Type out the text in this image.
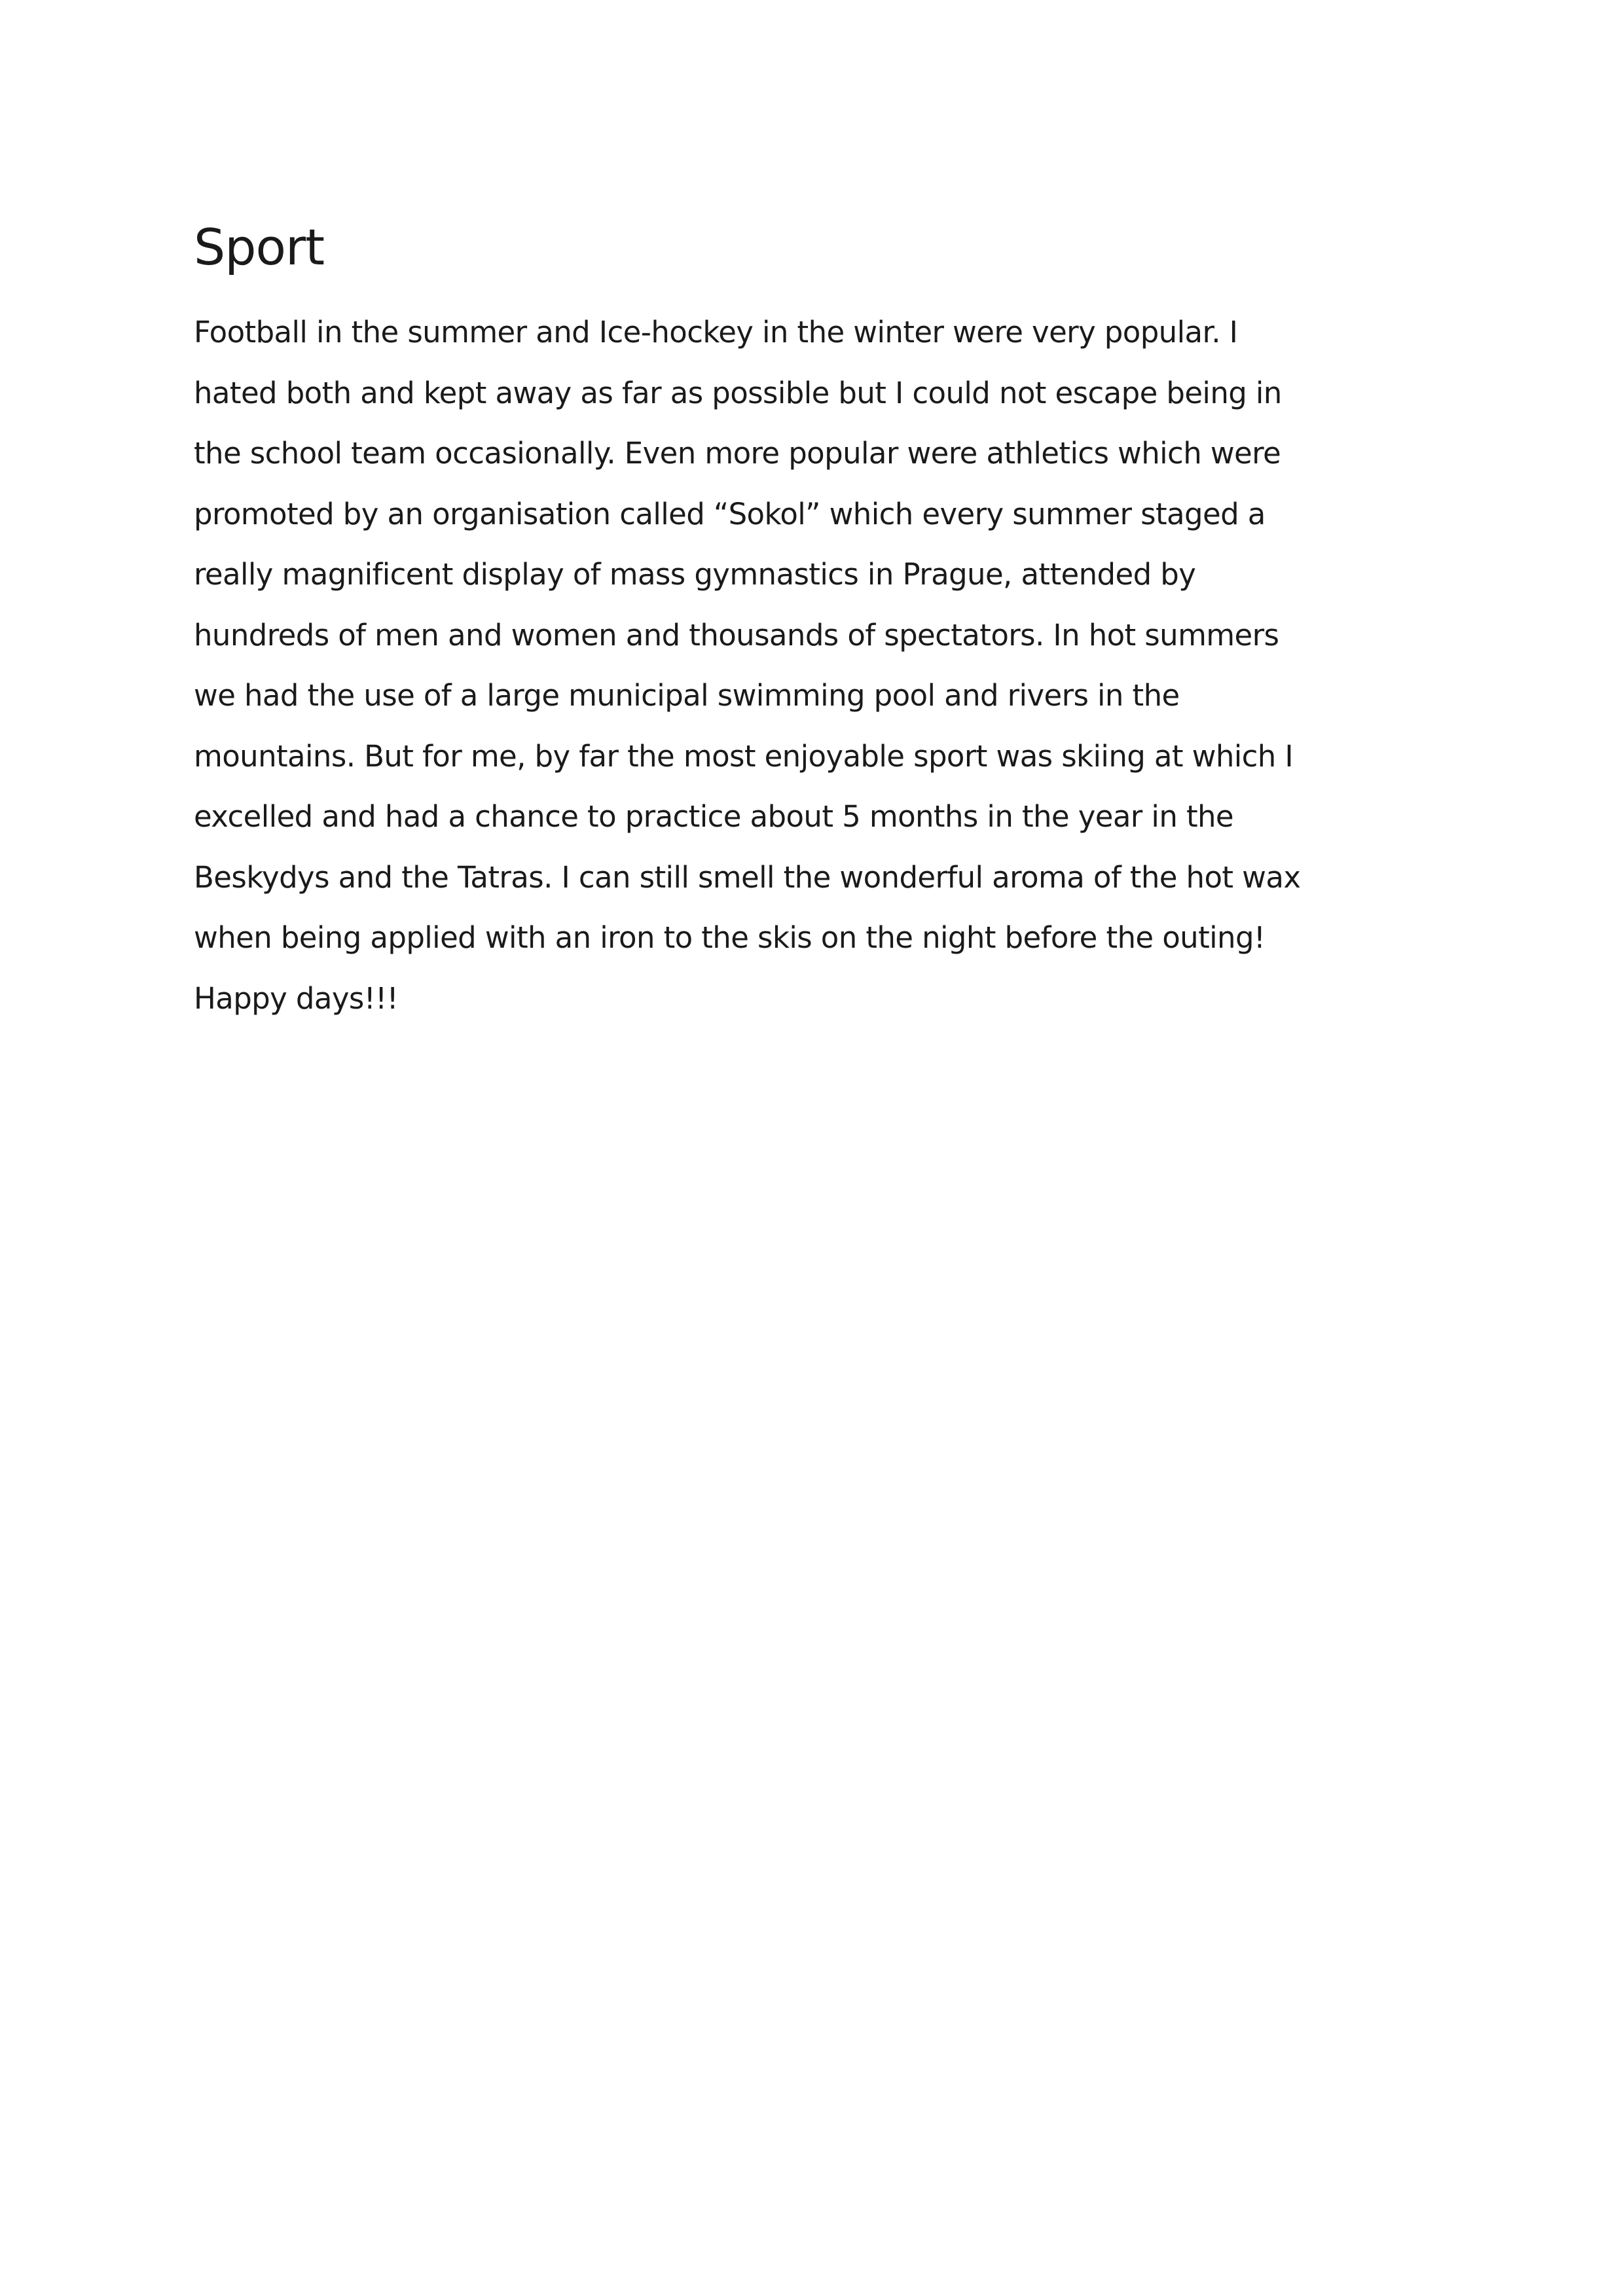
Sport
Football in the summer and Ice-hockey in the winter were very popular. I
hated both and kept away as far as possible but I could not escape being in
the school team occasionally. Even more popular were athletics which were
promoted by an organisation called “Sokol” which every summer staged a
really magnificent display of mass gymnastics in Prague, attended by
hundreds of men and women and thousands of spectators. In hot summers
we had the use of a large municipal swimming pool and rivers in the
mountains. But for me, by far the most enjoyable sport was skiing at which I
excelled and had a chance to practice about 5 months in the year in the
Beskydys and the Tatras. I can still smell the wonderful aroma of the hot wax
when being applied with an iron to the skis on the night before the outing!
Happy days!!!
